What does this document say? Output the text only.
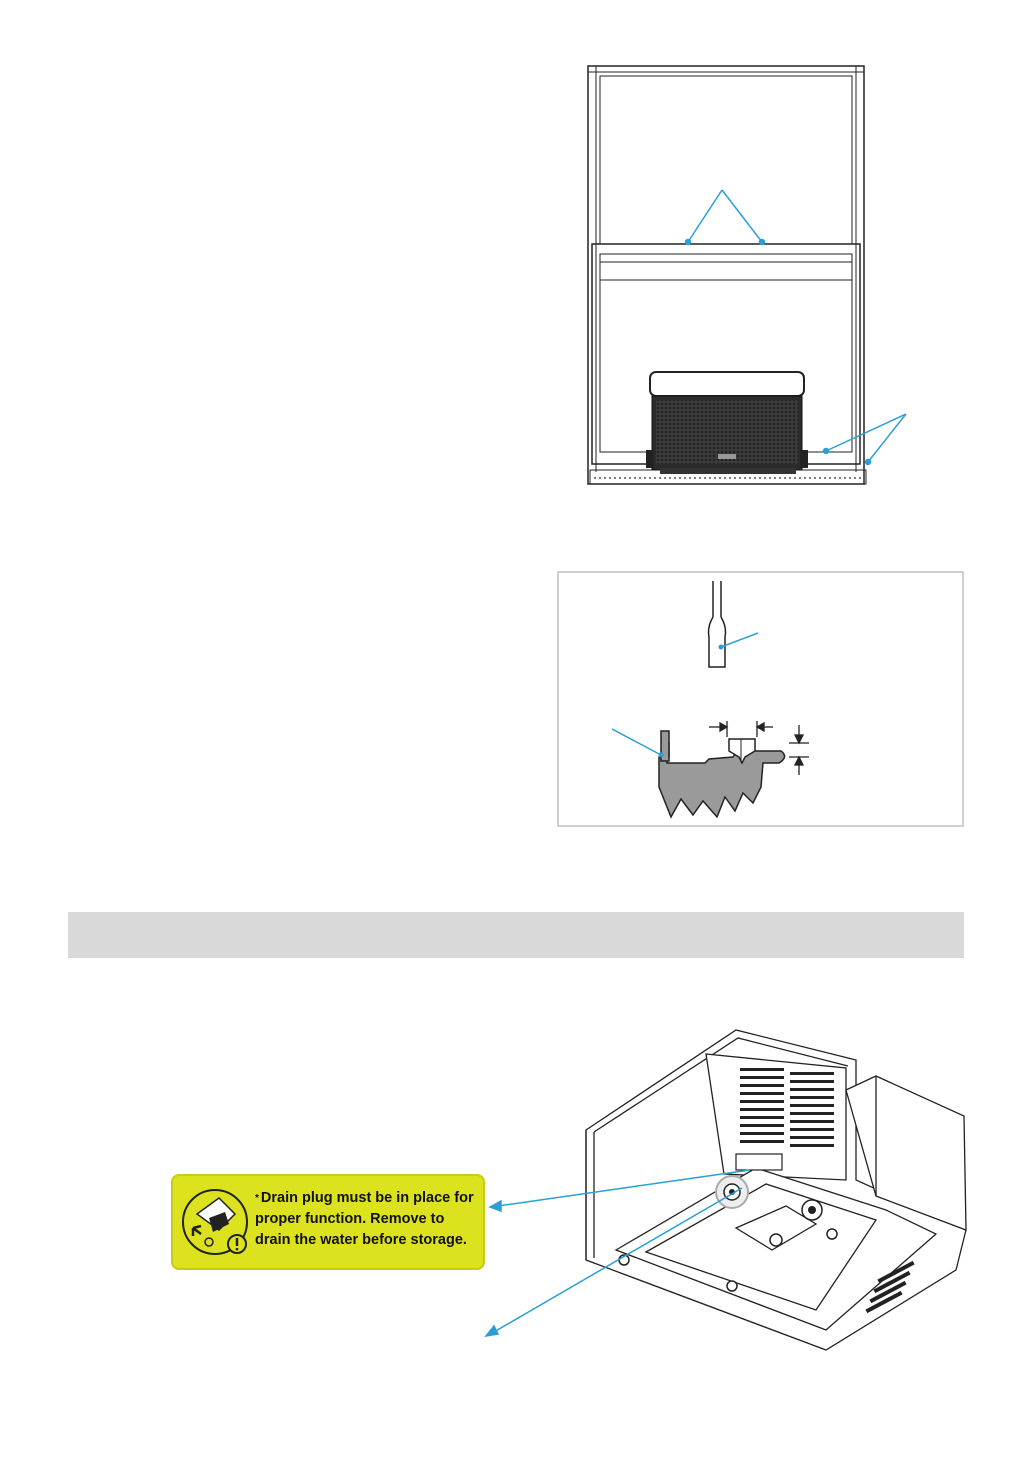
* Drain plug must be in place for
proper function. Remove to
drain the water before storage.
